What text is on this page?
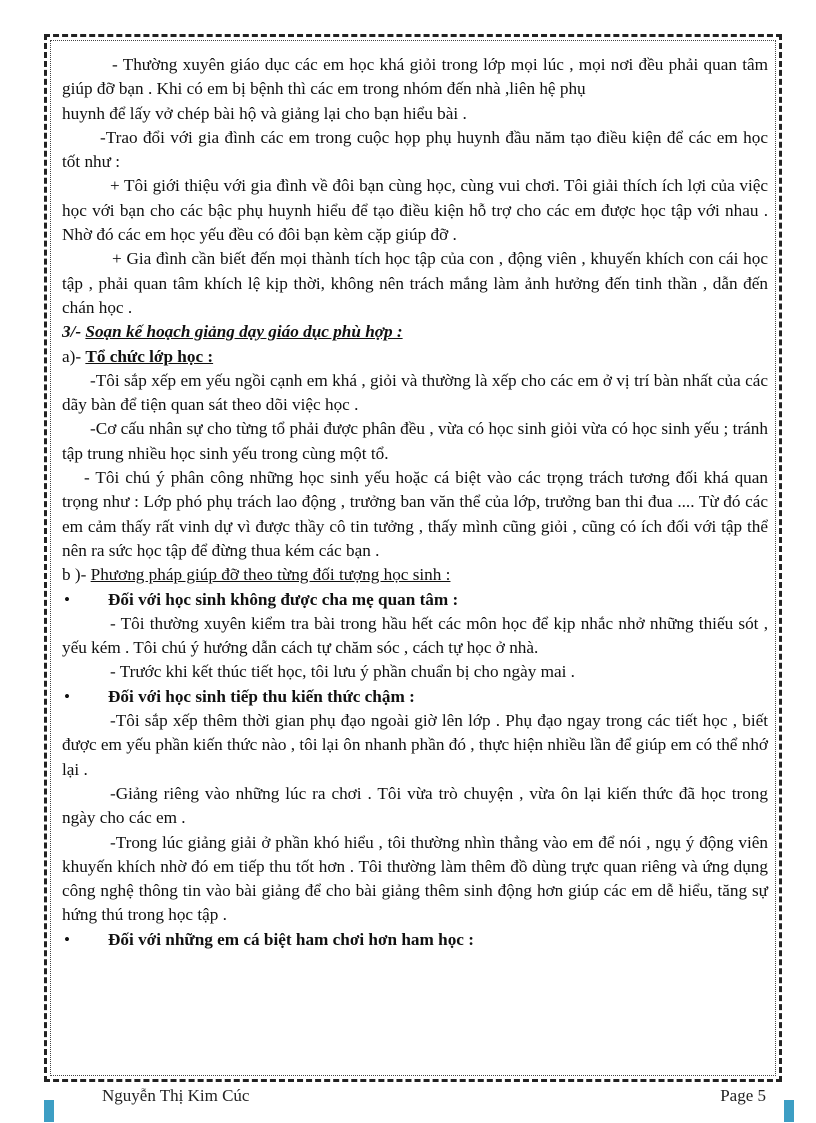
- Thường xuyên giáo dục các em học khá giỏi trong lớp mọi lúc , mọi nơi đều phải quan tâm giúp đỡ bạn . Khi có em bị bệnh thì các em trong nhóm đến nhà ,liên hệ phụ

huynh để lấy vở chép bài hộ và giảng lại cho bạn hiểu bài .

-Trao đổi với gia đình các em trong cuộc họp phụ huynh đầu năm tạo điều kiện để các em học tốt như :

+ Tôi giới thiệu với gia đình về đôi bạn cùng học, cùng vui chơi. Tôi giải thích ích lợi của việc học với bạn cho các bậc phụ huynh hiểu để tạo điều kiện hỗ trợ cho các em được học tập với nhau . Nhờ đó các em học yếu đều có đôi bạn kèm cặp giúp đỡ .

+ Gia đình cần biết đến mọi thành tích học tập của con , động viên , khuyến khích con cái học tập , phải quan tâm khích lệ kịp thời, không nên trách mắng làm ảnh hưởng đến tinh thần , dẫn đến chán học .

3/- Soạn kế hoạch giảng dạy giáo dục phù hợp :

a)- Tổ chức lớp học :

-Tôi sắp xếp em yếu ngồi cạnh em khá , giỏi và thường là xếp cho các em ở vị trí bàn nhất của các dãy bàn để tiện quan sát theo dõi việc học .

-Cơ cấu nhân sự cho từng tổ phải được phân đều , vừa có học sinh giỏi vừa có học sinh yếu ; tránh tập trung nhiều học sinh yếu trong cùng một tổ.

- Tôi chú ý phân công những học sinh yếu hoặc cá biệt vào các trọng trách tương đối khá quan trọng như : Lớp phó phụ trách lao động , trưởng ban văn thể của lớp, trưởng ban thi đua .... Từ đó các em cảm thấy rất vinh dự vì được thầy cô tin tưởng , thấy mình cũng giỏi , cũng có ích đối với tập thể nên ra sức học tập để đừng thua kém các bạn .

b )- Phương pháp giúp đỡ theo từng đối tượng học sinh :

• Đối với học sinh không được cha mẹ quan tâm :

- Tôi thường xuyên kiểm tra bài trong hầu hết các môn học để kịp nhắc nhở những thiếu sót , yếu kém . Tôi chú ý hướng dẫn cách tự chăm sóc , cách tự học ở nhà.

- Trước khi kết thúc tiết học, tôi lưu ý phần chuẩn bị cho ngày mai .

• Đối với học sinh tiếp thu kiến thức chậm :

-Tôi sắp xếp thêm thời gian phụ đạo ngoài giờ lên lớp . Phụ đạo ngay trong các tiết học , biết được em yếu phần kiến thức nào , tôi lại ôn nhanh phần đó , thực hiện nhiều lần để giúp em có thể nhớ lại .

-Giảng riêng vào những lúc ra chơi . Tôi vừa trò chuyện , vừa ôn lại kiến thức đã học trong ngày cho các em .

-Trong lúc giảng giải ở phần khó hiểu , tôi thường nhìn thẳng vào em để nói , ngụ ý động viên khuyến khích nhờ đó em tiếp thu tốt hơn . Tôi thường làm thêm đồ dùng trực quan riêng và ứng dụng công nghệ thông tin vào bài giảng để cho bài giảng thêm sinh động hơn giúp các em dễ hiểu, tăng sự hứng thú trong học tập .

• Đối với những em cá biệt ham chơi hơn ham học :

Nguyễn Thị Kim Cúc	Page 5
